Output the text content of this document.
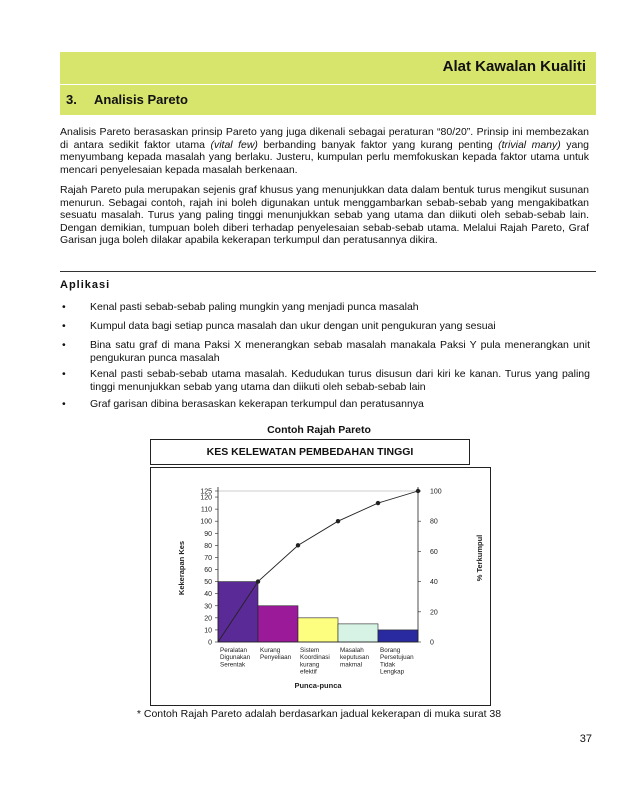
Alat Kawalan Kualiti
3. Analisis Pareto

Analisis Pareto berasaskan prinsip Pareto yang juga dikenali sebagai peraturan “80/20”. Prinsip ini membezakan di antara sedikit faktor utama (vital few) berbanding banyak faktor yang kurang penting (trivial many) yang menyumbang kepada masalah yang berlaku. Justeru, kumpulan perlu memfokuskan kepada faktor utama untuk mencari penyelesaian kepada masalah berkenaan.

Rajah Pareto pula merupakan sejenis graf khusus yang menunjukkan data dalam bentuk turus mengikut susunan menurun. Sebagai contoh, rajah ini boleh digunakan untuk menggambarkan sebab-sebab yang mengakibatkan sesuatu masalah. Turus yang paling tinggi menunjukkan sebab yang utama dan diikuti oleh sebab-sebab lain. Dengan demikian, tumpuan boleh diberi terhadap penyelesaian sebab-sebab utama. Melalui Rajah Pareto, Graf Garisan juga boleh dilakar apabila kekerapan terkumpul dan peratusannya dikira.

Aplikasi
• Kenal pasti sebab-sebab paling mungkin yang menjadi punca masalah
• Kumpul data bagi setiap punca masalah dan ukur dengan unit pengukuran yang sesuai
• Bina satu graf di mana Paksi X menerangkan sebab masalah manakala Paksi Y pula menerangkan unit pengukuran punca masalah
• Kenal pasti sebab-sebab utama masalah. Kedudukan turus disusun dari kiri ke kanan. Turus yang paling tinggi menunjukkan sebab yang utama dan diikuti oleh sebab-sebab lain
• Graf garisan dibina berasaskan kekerapan terkumpul dan peratusannya
Contoh Rajah Pareto
KES KELEWATAN PEMBEDAHAN TINGGI
0
10
20
30
40
50
60
70
80
90
100
110
120
125
0
20
40
60
80
100
Peralatan Digunakan Serentak
Kurang Penyeliaan
Sistem Koordinasi kurang efektif
Masalah keputusan makmal
Borang Persetujuan Tidak Lengkap
Punca-punca
Kekerapan Kes	% Terkumpul
* Contoh Rajah Pareto adalah berdasarkan jadual kekerapan di muka surat 38
37
